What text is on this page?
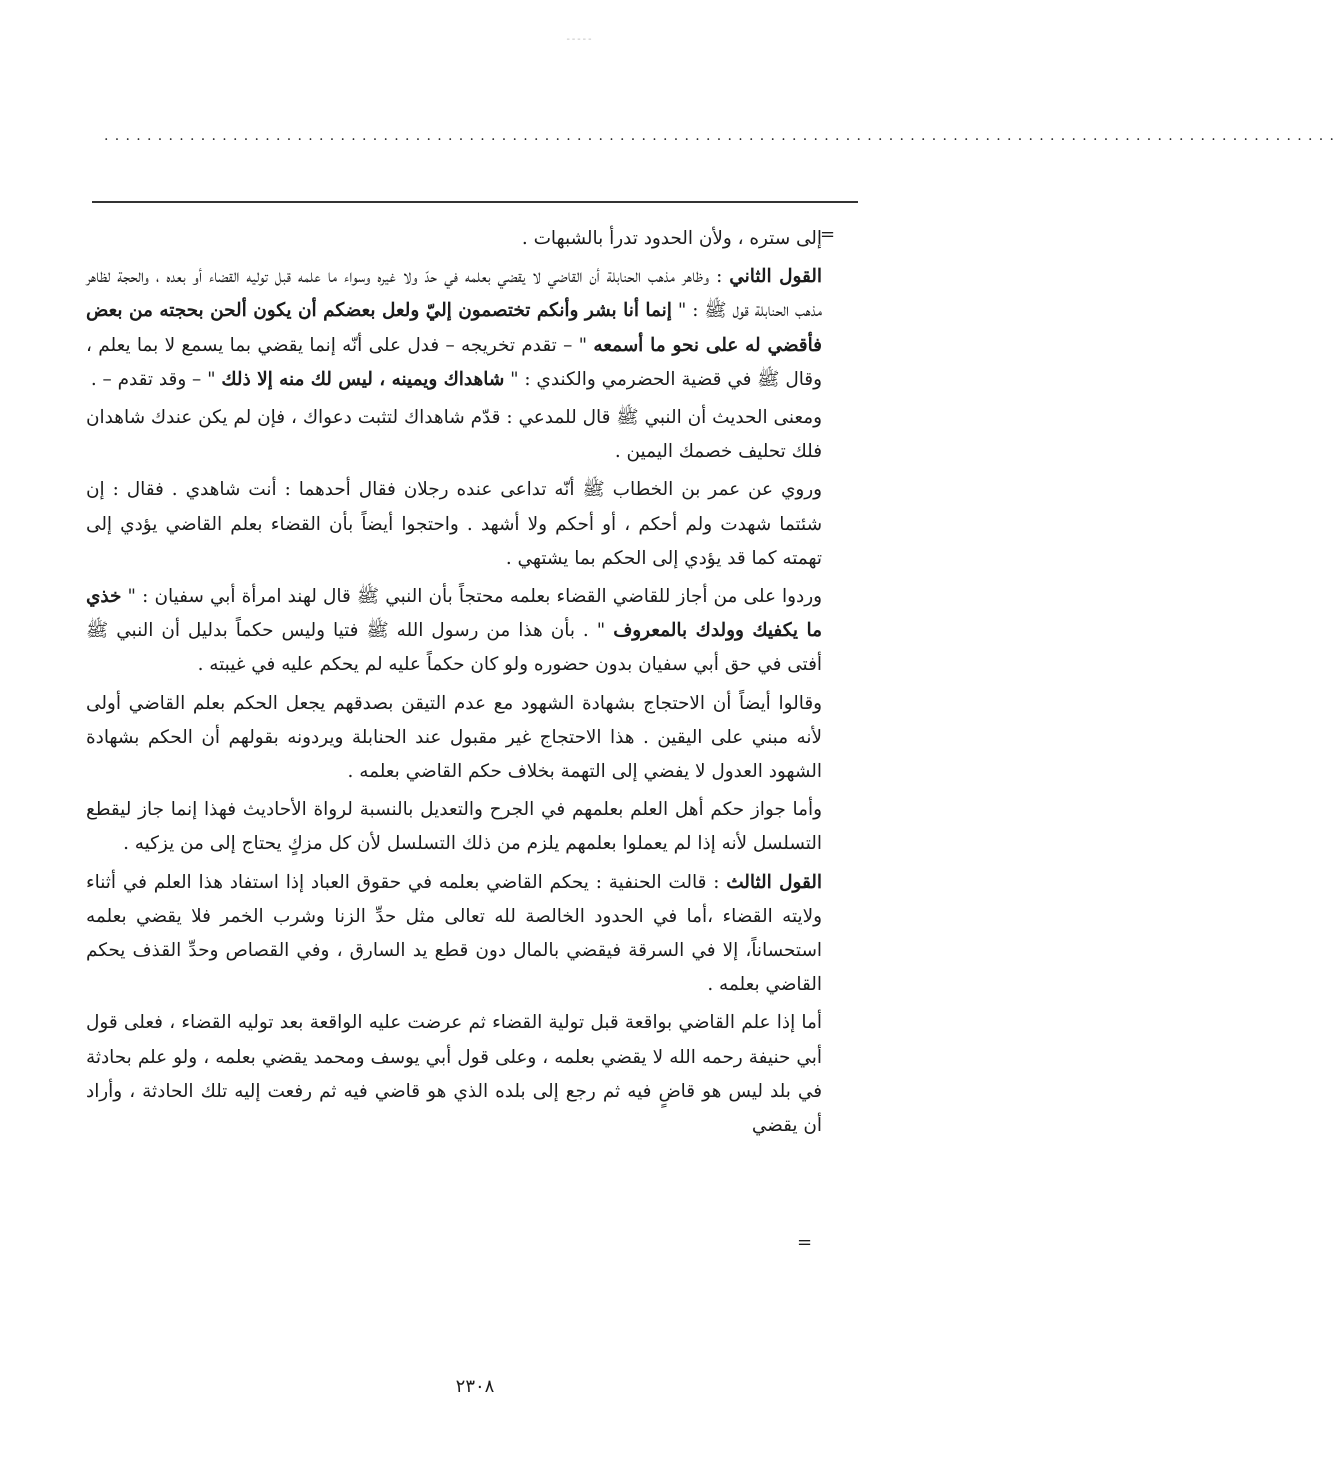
-----
...................................................................................................................
=

إلى ستره ، ولأن الحدود تدرأ بالشبهات .

القول الثاني : وظاهر مذهب الحنابلة أن القاضي لا يقضي بعلمه في حدّ ولا غيره وسواء ما علمه قبل توليه القضاء أو بعده ، والحجة لظاهر مذهب الحنابلة قول ﷺ : " إنما أنا بشر وأنكم تختصمون إليّ ولعل بعضكم أن يكون ألحن بحجته من بعض فأقضي له على نحو ما أسمعه " – تقدم تخريجه – فدل على أنّه إنما يقضي بما يسمع لا بما يعلم ، وقال ﷺ في قضية الحضرمي والكندي : " شاهداك ويمينه ، ليس لك منه إلا ذلك " – وقد تقدم – .

ومعنى الحديث أن النبي ﷺ قال للمدعي : قدّم شاهداك لتثبت دعواك ، فإن لم يكن عندك شاهدان فلك تحليف خصمك اليمين .

وروي عن عمر بن الخطاب ﷺ أنّه تداعى عنده رجلان فقال أحدهما : أنت شاهدي . فقال : إن شئتما شهدت ولم أحكم ، أو أحكم ولا أشهد . واحتجوا أيضاً بأن القضاء بعلم القاضي يؤدي إلى تهمته كما قد يؤدي إلى الحكم بما يشتهي .

وردوا على من أجاز للقاضي القضاء بعلمه محتجاً بأن النبي ﷺ قال لهند امرأة أبي سفيان : " خذي ما يكفيك وولدك بالمعروف " . بأن هذا من رسول الله ﷺ فتيا وليس حكماً بدليل أن النبي ﷺ أفتى في حق أبي سفيان بدون حضوره ولو كان حكماً عليه لم يحكم عليه في غيبته .

وقالوا أيضاً أن الاحتجاج بشهادة الشهود مع عدم التيقن بصدقهم يجعل الحكم بعلم القاضي أولى لأنه مبني على اليقين . هذا الاحتجاج غير مقبول عند الحنابلة ويردونه بقولهم أن الحكم بشهادة الشهود العدول لا يفضي إلى التهمة بخلاف حكم القاضي بعلمه .

وأما جواز حكم أهل العلم بعلمهم في الجرح والتعديل بالنسبة لرواة الأحاديث فهذا إنما جاز ليقطع التسلسل لأنه إذا لم يعملوا بعلمهم يلزم من ذلك التسلسل لأن كل مزكٍ يحتاج إلى من يزكيه .

القول الثالث : قالت الحنفية : يحكم القاضي بعلمه في حقوق العباد إذا استفاد هذا العلم في أثناء ولايته القضاء ،أما في الحدود الخالصة لله تعالى مثل حدِّ الزنا وشرب الخمر فلا يقضي بعلمه استحساناً، إلا في السرقة فيقضي بالمال دون قطع يد السارق ، وفي القصاص وحدِّ القذف يحكم القاضي بعلمه .

أما إذا علم القاضي بواقعة قبل تولية القضاء ثم عرضت عليه الواقعة بعد توليه القضاء ، فعلى قول أبي حنيفة رحمه الله لا يقضي بعلمه ، وعلى قول أبي يوسف ومحمد يقضي بعلمه ، ولو علم بحادثة في بلد ليس هو قاضٍ فيه ثم رجع إلى بلده الذي هو قاضي فيه ثم رفعت إليه تلك الحادثة ، وأراد أن يقضي

=
٢٣٠٨
